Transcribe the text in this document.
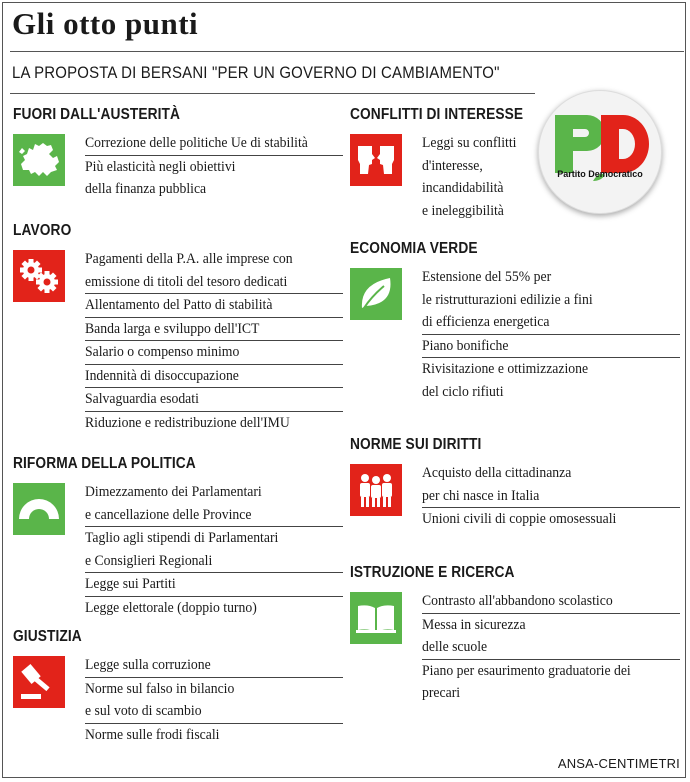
Gli otto punti
LA PROPOSTA DI BERSANI "PER UN GOVERNO DI CAMBIAMENTO"
FUORI DALL'AUSTERITÀ
Correzione delle politiche Ue di stabilità
Più elasticità negli obiettivi
della finanza pubblica
LAVORO
Pagamenti della P.A. alle imprese con
emissione di titoli del tesoro dedicati
Allentamento del Patto di stabilità
Banda larga e sviluppo dell'ICT
Salario o compenso minimo
Indennità di disoccupazione
Salvaguardia esodati
Riduzione e redistribuzione dell'IMU
RIFORMA DELLA POLITICA
Dimezzamento dei Parlamentari
e cancellazione delle Province
Taglio agli stipendi di Parlamentari
e Consiglieri Regionali
Legge sui Partiti
Legge elettorale (doppio turno)
GIUSTIZIA
Legge sulla corruzione
Norme sul falso in bilancio
e sul voto di scambio
Norme sulle frodi fiscali
CONFLITTI DI INTERESSE
Leggi su conflitti
d'interesse,
incandidabilità
e ineleggibilità
Partito Democratico
ECONOMIA VERDE
Estensione del 55% per
le ristrutturazioni edilizie a fini
di efficienza energetica
Piano bonifiche
Rivisitazione e ottimizzazione
del ciclo rifiuti
NORME SUI DIRITTI
Acquisto della cittadinanza
per chi nasce in Italia
Unioni civili di coppie omosessuali
ISTRUZIONE E RICERCA
Contrasto all'abbandono scolastico
Messa in sicurezza
delle scuole
Piano per esaurimento graduatorie dei
precari
ANSA-CENTIMETRI
